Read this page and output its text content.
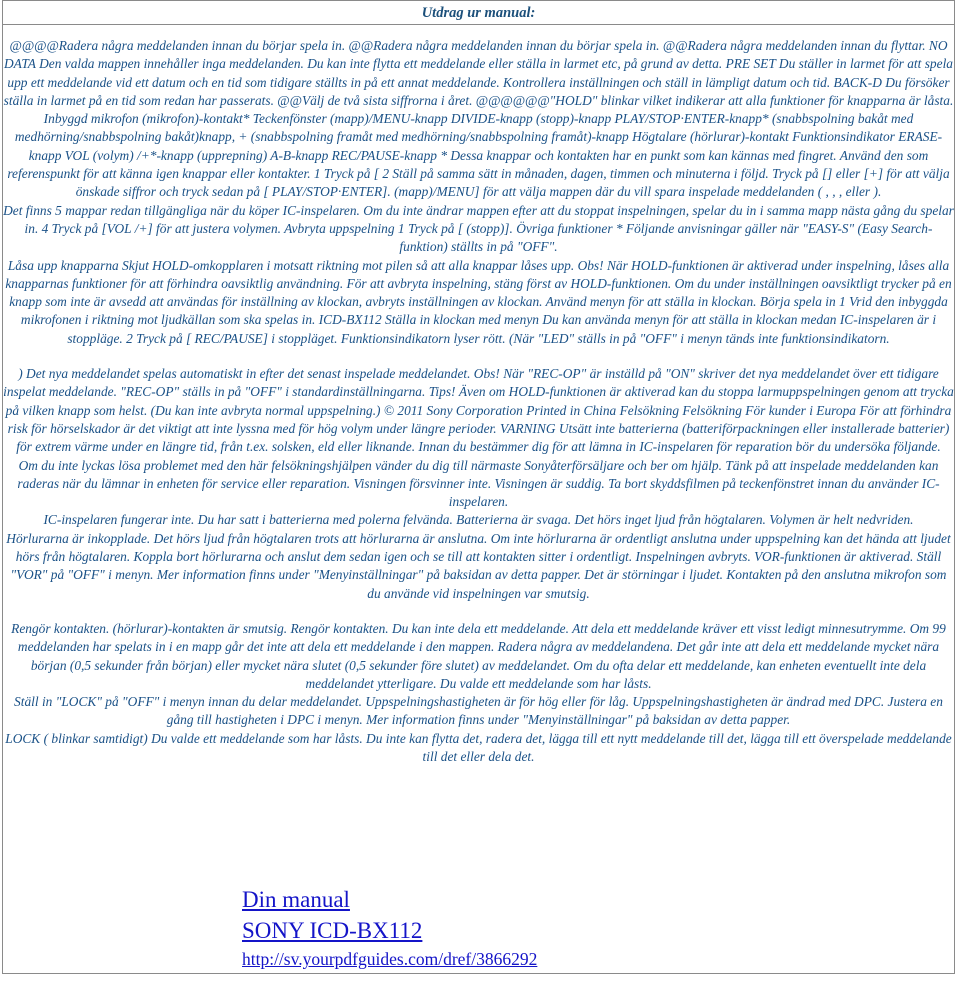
Utdrag ur manual:

@@@@Radera några meddelanden innan du börjar spela in. @@Radera några meddelanden innan du börjar spela in. @@Radera några meddelanden innan du flyttar. NO DATA Den valda mappen innehåller inga meddelanden. Du kan inte flytta ett meddelande eller ställa in larmet etc, på grund av detta. PRE SET Du ställer in larmet för att spela upp ett meddelande vid ett datum och en tid som tidigare ställts in på ett annat meddelande. Kontrollera inställningen och ställ in lämpligt datum och tid. BACK-D Du försöker ställa in larmet på en tid som redan har passerats. @@Välj de två sista siffrorna i året. @@@@@@"HOLD" blinkar vilket indikerar att alla funktioner för knapparna är låsta.

Inbyggd mikrofon (mikrofon)-kontakt* Teckenfönster (mapp)/MENU-knapp DIVIDE-knapp (stopp)-knapp PLAY/STOP·ENTER-knapp* (snabbspolning bakåt med medhörning/snabbspolning bakåt)knapp, + (snabbspolning framåt med medhörning/snabbspolning framåt)-knapp Högtalare (hörlurar)-kontakt Funktionsindikator ERASE-knapp VOL (volym) /+*-knapp (upprepning) A-B-knapp REC/PAUSE-knapp * Dessa knappar och kontakten har en punkt som kan kännas med fingret. Använd den som referenspunkt för att känna igen knappar eller kontakter. 1 Tryck på [ 2 Ställ på samma sätt in månaden, dagen, timmen och minuterna i följd. Tryck på [] eller [+] för att välja önskade siffror och tryck sedan på [ PLAY/STOP·ENTER]. (mapp)/MENU] för att välja mappen där du vill spara inspelade meddelanden ( , , , eller ).

Det finns 5 mappar redan tillgängliga när du köper IC-inspelaren. Om du inte ändrar mappen efter att du stoppat inspelningen, spelar du in i samma mapp nästa gång du spelar in. 4 Tryck på [VOL /+] för att justera volymen. Avbryta uppspelning 1 Tryck på [ (stopp)]. Övriga funktioner * Följande anvisningar gäller när "EASY-S" (Easy Search-funktion) ställts in på "OFF".

Låsa upp knapparna Skjut HOLD-omkopplaren i motsatt riktning mot pilen så att alla knappar låses upp. Obs! När HOLD-funktionen är aktiverad under inspelning, låses alla knapparnas funktioner för att förhindra oavsiktlig användning. För att avbryta inspelning, stäng först av HOLD-funktionen. Om du under inställningen oavsiktligt trycker på en knapp som inte är avsedd att användas för inställning av klockan, avbryts inställningen av klockan. Använd menyn för att ställa in klockan. Börja spela in 1 Vrid den inbyggda mikrofonen i riktning mot ljudkällan som ska spelas in. ICD-BX112 Ställa in klockan med menyn Du kan använda menyn för att ställa in klockan medan IC-inspelaren är i stoppläge. 2 Tryck på [ REC/PAUSE] i stoppläget. Funktionsindikatorn lyser rött. (När "LED" ställs in på "OFF" i menyn tänds inte funktionsindikatorn.

) Det nya meddelandet spelas automatiskt in efter det senast inspelade meddelandet. Obs! När "REC-OP" är inställd på "ON" skriver det nya meddelandet över ett tidigare inspelat meddelande. "REC-OP" ställs in på "OFF" i standardinställningarna. Tips! Även om HOLD-funktionen är aktiverad kan du stoppa larmuppspelningen genom att trycka på vilken knapp som helst. (Du kan inte avbryta normal uppspelning.) © 2011 Sony Corporation Printed in China Felsökning Felsökning För kunder i Europa För att förhindra risk för hörselskador är det viktigt att inte lyssna med för hög volym under längre perioder. VARNING Utsätt inte batterierna (batteriförpackningen eller installerade batterier) för extrem värme under en längre tid, från t.ex. solsken, eld eller liknande. Innan du bestämmer dig för att lämna in IC-inspelaren för reparation bör du undersöka följande.

Om du inte lyckas lösa problemet med den här felsökningshjälpen vänder du dig till närmaste Sonyåterförsäljare och ber om hjälp. Tänk på att inspelade meddelanden kan raderas när du lämnar in enheten för service eller reparation. Visningen försvinner inte. Visningen är suddig. Ta bort skyddsfilmen på teckenfönstret innan du använder IC-inspelaren.

IC-inspelaren fungerar inte. Du har satt i batterierna med polerna felvända. Batterierna är svaga. Det hörs inget ljud från högtalaren. Volymen är helt nedvriden.

Hörlurarna är inkopplade. Det hörs ljud från högtalaren trots att hörlurarna är anslutna. Om inte hörlurarna är ordentligt anslutna under uppspelning kan det hända att ljudet hörs från högtalaren. Koppla bort hörlurarna och anslut dem sedan igen och se till att kontakten sitter i ordentligt. Inspelningen avbryts. VOR-funktionen är aktiverad. Ställ "VOR" på "OFF" i menyn. Mer information finns under "Menyinställningar" på baksidan av detta papper. Det är störningar i ljudet. Kontakten på den anslutna mikrofon som du använde vid inspelningen var smutsig.

Rengör kontakten. (hörlurar)-kontakten är smutsig. Rengör kontakten. Du kan inte dela ett meddelande. Att dela ett meddelande kräver ett visst ledigt minnesutrymme. Om 99 meddelanden har spelats in i en mapp går det inte att dela ett meddelande i den mappen. Radera några av meddelandena. Det går inte att dela ett meddelande mycket nära början (0,5 sekunder från början) eller mycket nära slutet (0,5 sekunder före slutet) av meddelandet. Om du ofta delar ett meddelande, kan enheten eventuellt inte dela meddelandet ytterligare. Du valde ett meddelande som har låsts.

Ställ in "LOCK" på "OFF" i menyn innan du delar meddelandet. Uppspelningshastigheten är för hög eller för låg. Uppspelningshastigheten är ändrad med DPC. Justera en gång till hastigheten i DPC i menyn. Mer information finns under "Menyinställningar" på baksidan av detta papper.

LOCK ( blinkar samtidigt) Du valde ett meddelande som har låsts. Du inte kan flytta det, radera det, lägga till ett nytt meddelande till det, lägga till ett överspelade meddelande till det eller dela det.

Din manual
SONY ICD-BX112
http://sv.yourpdfguides.com/dref/3866292
